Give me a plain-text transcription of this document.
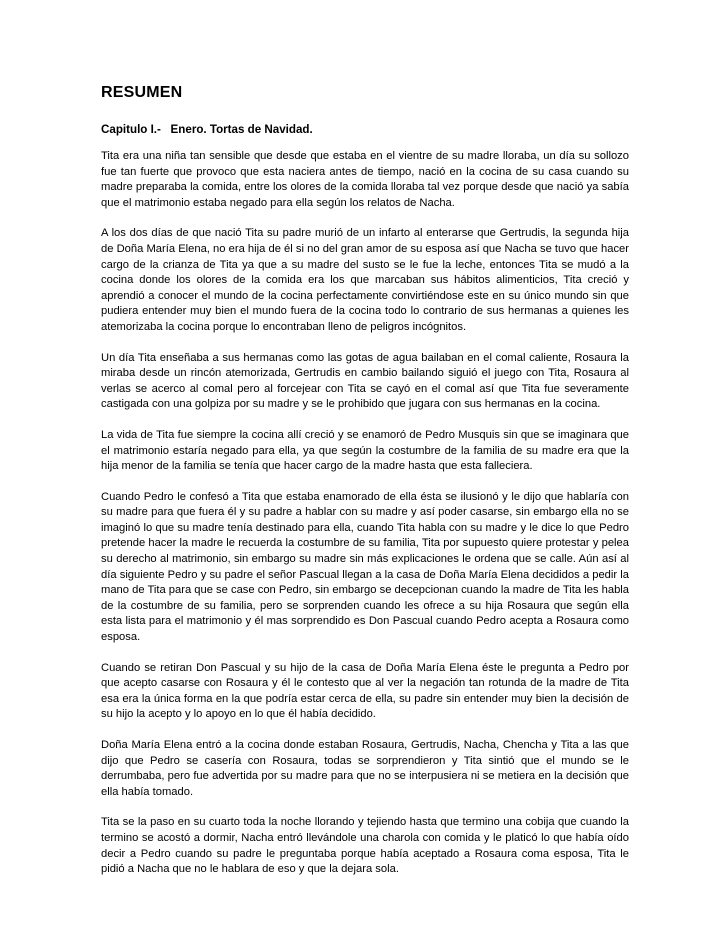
RESUMEN
Capitulo I.-   Enero. Tortas de Navidad.

Tita era una niña tan sensible que desde que estaba en el vientre de su madre lloraba, un día su sollozo fue tan fuerte que provoco que esta naciera antes de tiempo, nació en la cocina de su casa cuando su madre preparaba la comida, entre los olores de la comida lloraba tal vez porque desde que nació ya sabía que el matrimonio estaba negado para ella según los relatos de Nacha.

A los dos días de que nació Tita su padre murió de un infarto al enterarse que Gertrudis, la segunda hija de Doña María Elena, no era hija de él si no del gran amor de su esposa así que Nacha se tuvo que hacer cargo de la crianza de Tita ya que a su madre del susto se le fue la leche, entonces Tita se mudó a la cocina donde los olores de la comida era los que marcaban sus hábitos alimenticios, Tita creció y aprendió a conocer el mundo de la cocina perfectamente convirtiéndose este en su único mundo sin que pudiera entender muy bien el mundo fuera de la cocina todo lo contrario de sus hermanas a quienes les atemorizaba la cocina porque lo encontraban lleno de peligros incógnitos.

Un día Tita enseñaba a sus hermanas como las gotas de agua bailaban en el comal caliente, Rosaura la miraba desde un rincón atemorizada, Gertrudis en cambio bailando siguió el juego con Tita, Rosaura al verlas se acerco al comal pero al forcejear con Tita se cayó en el comal así que Tita fue severamente castigada con una golpiza por su madre y se le prohibido que jugara con sus hermanas en la cocina.

La vida de Tita fue siempre la cocina allí creció y se enamoró de Pedro Musquis sin que se imaginara que el matrimonio estaría negado para ella, ya que según la costumbre de la familia de su madre era que la hija menor de la familia se tenía que hacer cargo de la madre hasta que esta falleciera.

Cuando Pedro le confesó a Tita que estaba enamorado de ella ésta se ilusionó y le dijo que hablaría con su madre para que fuera él y su padre a hablar con su madre y así poder casarse, sin embargo ella no se imaginó lo que su madre tenía destinado para ella, cuando Tita habla con su madre y le dice lo que Pedro pretende hacer la madre le recuerda la costumbre de su familia, Tita por supuesto quiere protestar y pelea su derecho al matrimonio, sin embargo su madre sin más explicaciones le ordena que se calle. Aún así al día siguiente Pedro y su padre el señor Pascual llegan a la casa de Doña María Elena decididos a pedir la mano de Tita para que se case con Pedro, sin embargo se decepcionan cuando la madre de Tita les habla de la costumbre de su familia, pero se sorprenden cuando les ofrece a su hija Rosaura que según ella esta lista para el matrimonio y él mas sorprendido es Don Pascual cuando Pedro acepta a Rosaura como esposa.

Cuando se retiran Don Pascual y su hijo de la casa de Doña María Elena éste le pregunta a Pedro por que acepto casarse con Rosaura y él le contesto que al ver la negación tan rotunda de la madre de Tita esa era la única forma en la que podría estar cerca de ella, su padre sin entender muy bien la decisión de su hijo la acepto y lo apoyo en lo que él había decidido.

Doña María Elena entró a la cocina donde estaban Rosaura, Gertrudis, Nacha, Chencha y Tita a las que dijo que Pedro se casería con Rosaura, todas se sorprendieron y Tita sintió que el mundo se le derrumbaba, pero fue advertida por su madre para que no se interpusiera ni se metiera en la decisión que ella había tomado.

Tita se la paso en su cuarto toda la noche llorando y tejiendo hasta que termino una cobija que cuando la termino se acostó a dormir, Nacha entró llevándole una charola con comida y le platicó lo que había oído decir a Pedro cuando su padre le preguntaba porque había aceptado a Rosaura coma esposa, Tita le pidió a Nacha que no le hablara de eso y que la dejara sola.
